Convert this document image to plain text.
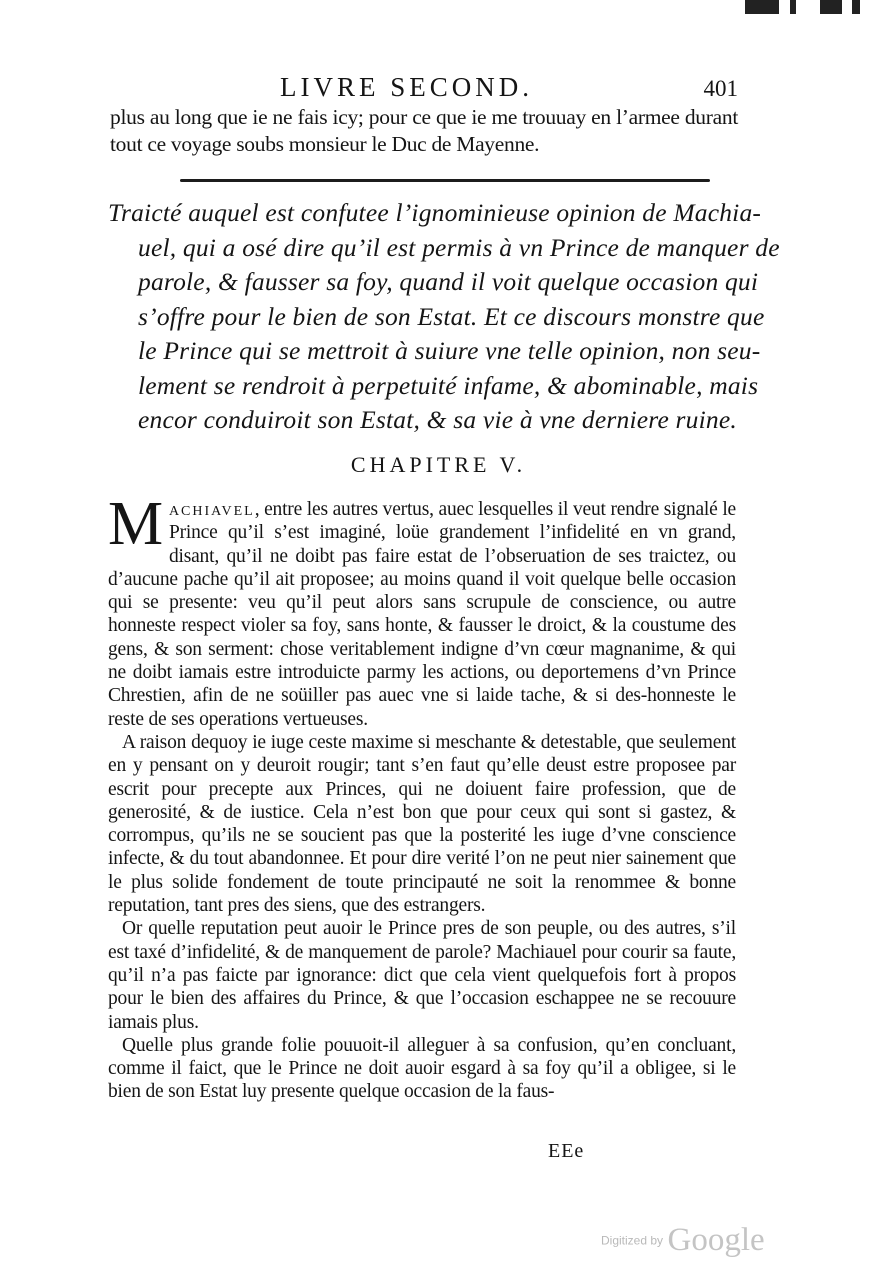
LIVRE SECOND.	401
plus au long que ie ne fais icy; pour ce que ie me trouuay en l’armee durant
tout ce voyage soubs monsieur le Duc de Mayenne.
Traicté auquel est confutee l’ignominieuse opinion de Machia-
uel, qui a osé dire qu’il est permis à vn Prince de manquer de
parole, & fausser sa foy, quand il voit quelque occasion qui
s’offre pour le bien de son Estat. Et ce discours monstre que
le Prince qui se mettroit à suiure vne telle opinion, non seu-
lement se rendroit à perpetuité infame, & abominable, mais
encor conduiroit son Estat, & sa vie à vne derniere ruine.
CHAPITRE V.

Machiavel, entre les autres vertus, auec lesquelles il veut rendre signalé le Prince qu’il s’est imaginé, loüe grandement l’infidelité en vn grand, disant, qu’il ne doibt pas faire estat de l’obseruation de ses traictez, ou d’aucune pache qu’il ait proposee; au moins quand il voit quelque belle occasion qui se presente: veu qu’il peut alors sans scrupule de conscience, ou autre honneste respect violer sa foy, sans honte, & fausser le droict, & la coustume des gens, & son serment: chose veritablement indigne d’vn cœur magnanime, & qui ne doibt iamais estre introduicte parmy les actions, ou deportemens d’vn Prince Chrestien, afin de ne soüiller pas auec vne si laide tache, & si des-honneste le reste de ses operations vertueuses.

A raison dequoy ie iuge ceste maxime si meschante & detestable, que seulement en y pensant on y deuroit rougir; tant s’en faut qu’elle deust estre proposee par escrit pour precepte aux Princes, qui ne doiuent faire profession, que de generosité, & de iustice. Cela n’est bon que pour ceux qui sont si gastez, & corrompus, qu’ils ne se soucient pas que la posterité les iuge d’vne conscience infecte, & du tout abandonnee. Et pour dire verité l’on ne peut nier sainement que le plus solide fondement de toute principauté ne soit la renommee & bonne reputation, tant pres des siens, que des estrangers.

Or quelle reputation peut auoir le Prince pres de son peuple, ou des autres, s’il est taxé d’infidelité, & de manquement de parole? Machiauel pour courir sa faute, qu’il n’a pas faicte par ignorance: dict que cela vient quelquefois fort à propos pour le bien des affaires du Prince, & que l’occasion eschappee ne se recouure iamais plus.

Quelle plus grande folie pouuoit-il alleguer à sa confusion, qu’en concluant, comme il faict, que le Prince ne doit auoir esgard à sa foy qu’il a obligee, si le bien de son Estat luy presente quelque occasion de la faus-

EEe
Digitized by Google
